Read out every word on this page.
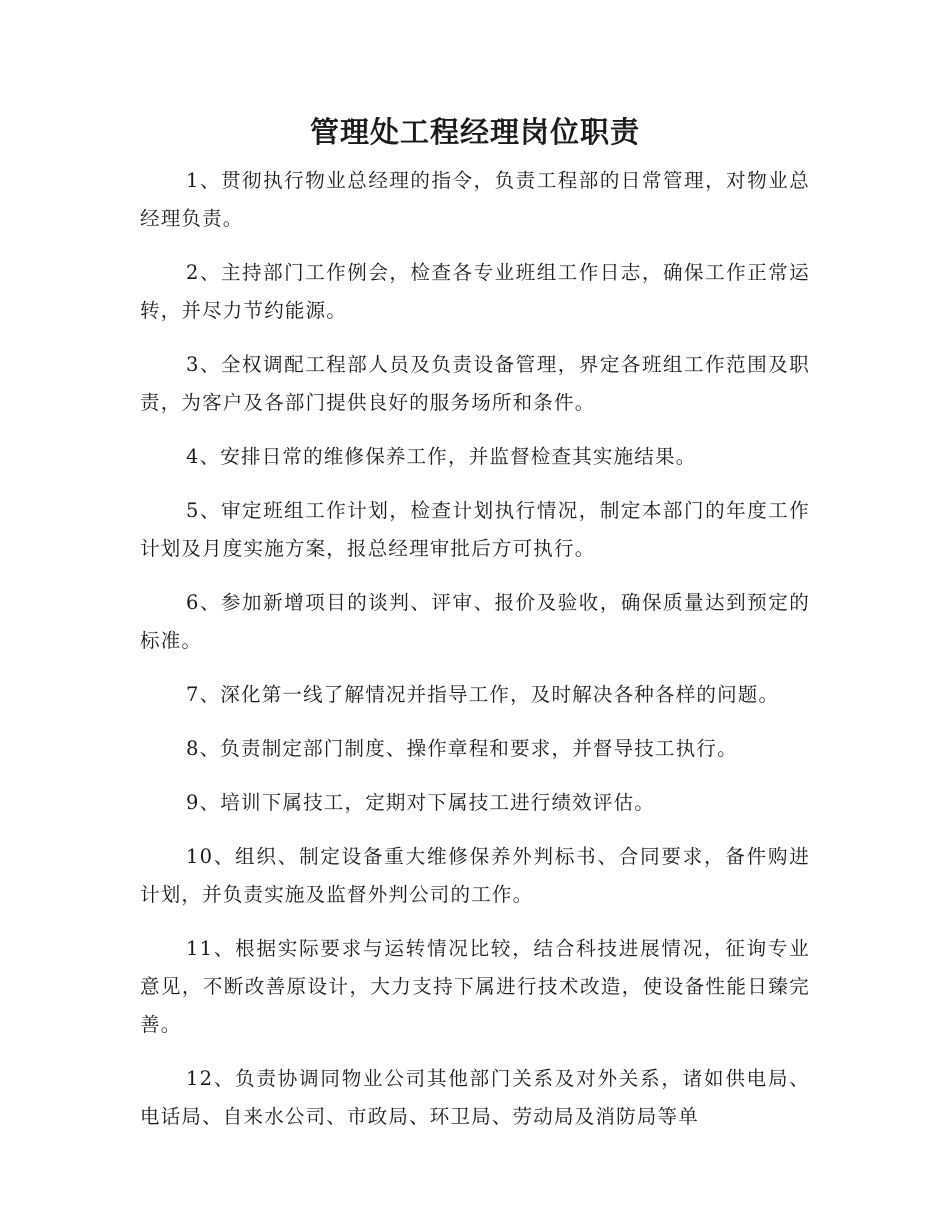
管理处工程经理岗位职责

1、贯彻执行物业总经理的指令，负责工程部的日常管理，对物业总经理负责。

2、主持部门工作例会，检查各专业班组工作日志，确保工作正常运转，并尽力节约能源。

3、全权调配工程部人员及负责设备管理，界定各班组工作范围及职责，为客户及各部门提供良好的服务场所和条件。

4、安排日常的维修保养工作，并监督检查其实施结果。

5、审定班组工作计划，检查计划执行情况，制定本部门的年度工作计划及月度实施方案，报总经理审批后方可执行。

6、参加新增项目的谈判、评审、报价及验收，确保质量达到预定的标准。

7、深化第一线了解情况并指导工作，及时解决各种各样的问题。

8、负责制定部门制度、操作章程和要求，并督导技工执行。

9、培训下属技工，定期对下属技工进行绩效评估。

10、组织、制定设备重大维修保养外判标书、合同要求，备件购进计划，并负责实施及监督外判公司的工作。

11、根据实际要求与运转情况比较，结合科技进展情况，征询专业意见，不断改善原设计，大力支持下属进行技术改造，使设备性能日臻完善。

12、负责协调同物业公司其他部门关系及对外关系，诸如供电局、电话局、自来水公司、市政局、环卫局、劳动局及消防局等单
